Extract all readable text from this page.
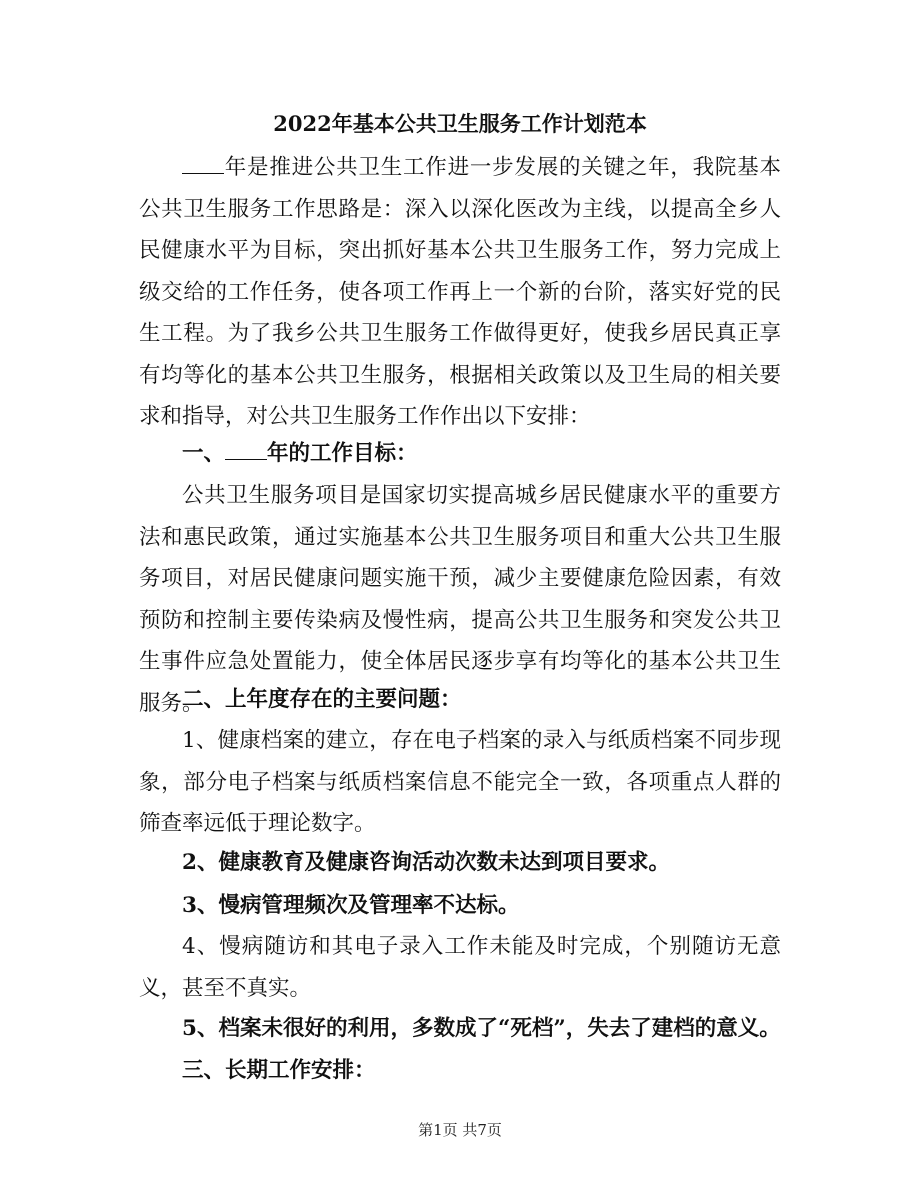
2022年基本公共卫生服务工作计划范本

年是推进公共卫生工作进一步发展的关键之年，我院基本公共卫生服务工作思路是：深入以深化医改为主线，以提高全乡人民健康水平为目标，突出抓好基本公共卫生服务工作，努力完成上级交给的工作任务，使各项工作再上一个新的台阶，落实好党的民生工程。为了我乡公共卫生服务工作做得更好，使我乡居民真正享有均等化的基本公共卫生服务，根据相关政策以及卫生局的相关要求和指导，对公共卫生服务工作作出以下安排：

一、 年的工作目标：

公共卫生服务项目是国家切实提高城乡居民健康水平的重要方法和惠民政策，通过实施基本公共卫生服务项目和重大公共卫生服务项目，对居民健康问题实施干预，减少主要健康危险因素，有效预防和控制主要传染病及慢性病，提高公共卫生服务和突发公共卫生事件应急处置能力，使全体居民逐步享有均等化的基本公共卫生服务。

二、上年度存在的主要问题：

1、健康档案的建立，存在电子档案的录入与纸质档案不同步现象，部分电子档案与纸质档案信息不能完全一致，各项重点人群的筛查率远低于理论数字。

2、健康教育及健康咨询活动次数未达到项目要求。

3、慢病管理频次及管理率不达标。

4、慢病随访和其电子录入工作未能及时完成，个别随访无意义，甚至不真实。

5、档案未很好的利用，多数成了“死档”，失去了建档的意义。

三、长期工作安排：

第1页 共7页
